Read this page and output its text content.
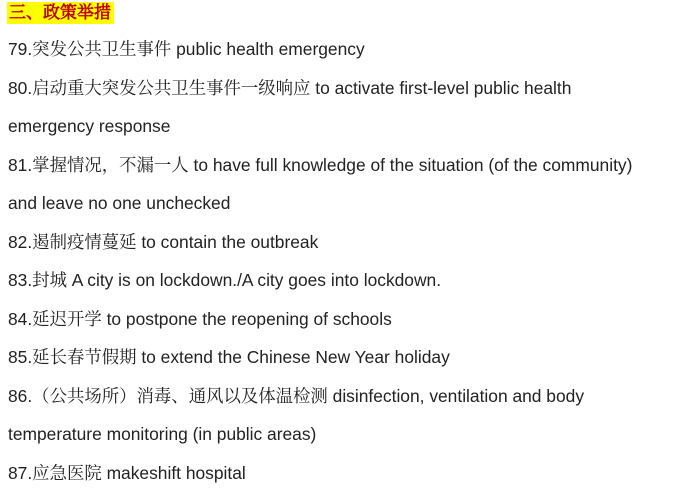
三、政策举措
79.突发公共卫生事件 public health emergency
80.启动重大突发公共卫生事件一级响应 to activate first-level public health
emergency response
81.掌握情况，不漏一人 to have full knowledge of the situation (of the community)
and leave no one unchecked
82.遏制疫情蔓延 to contain the outbreak
83.封城 A city is on lockdown./A city goes into lockdown.
84.延迟开学 to postpone the reopening of schools
85.延长春节假期 to extend the Chinese New Year holiday
86.（公共场所）消毒、通风以及体温检测 disinfection, ventilation and body
temperature monitoring (in public areas)
87.应急医院 makeshift hospital
